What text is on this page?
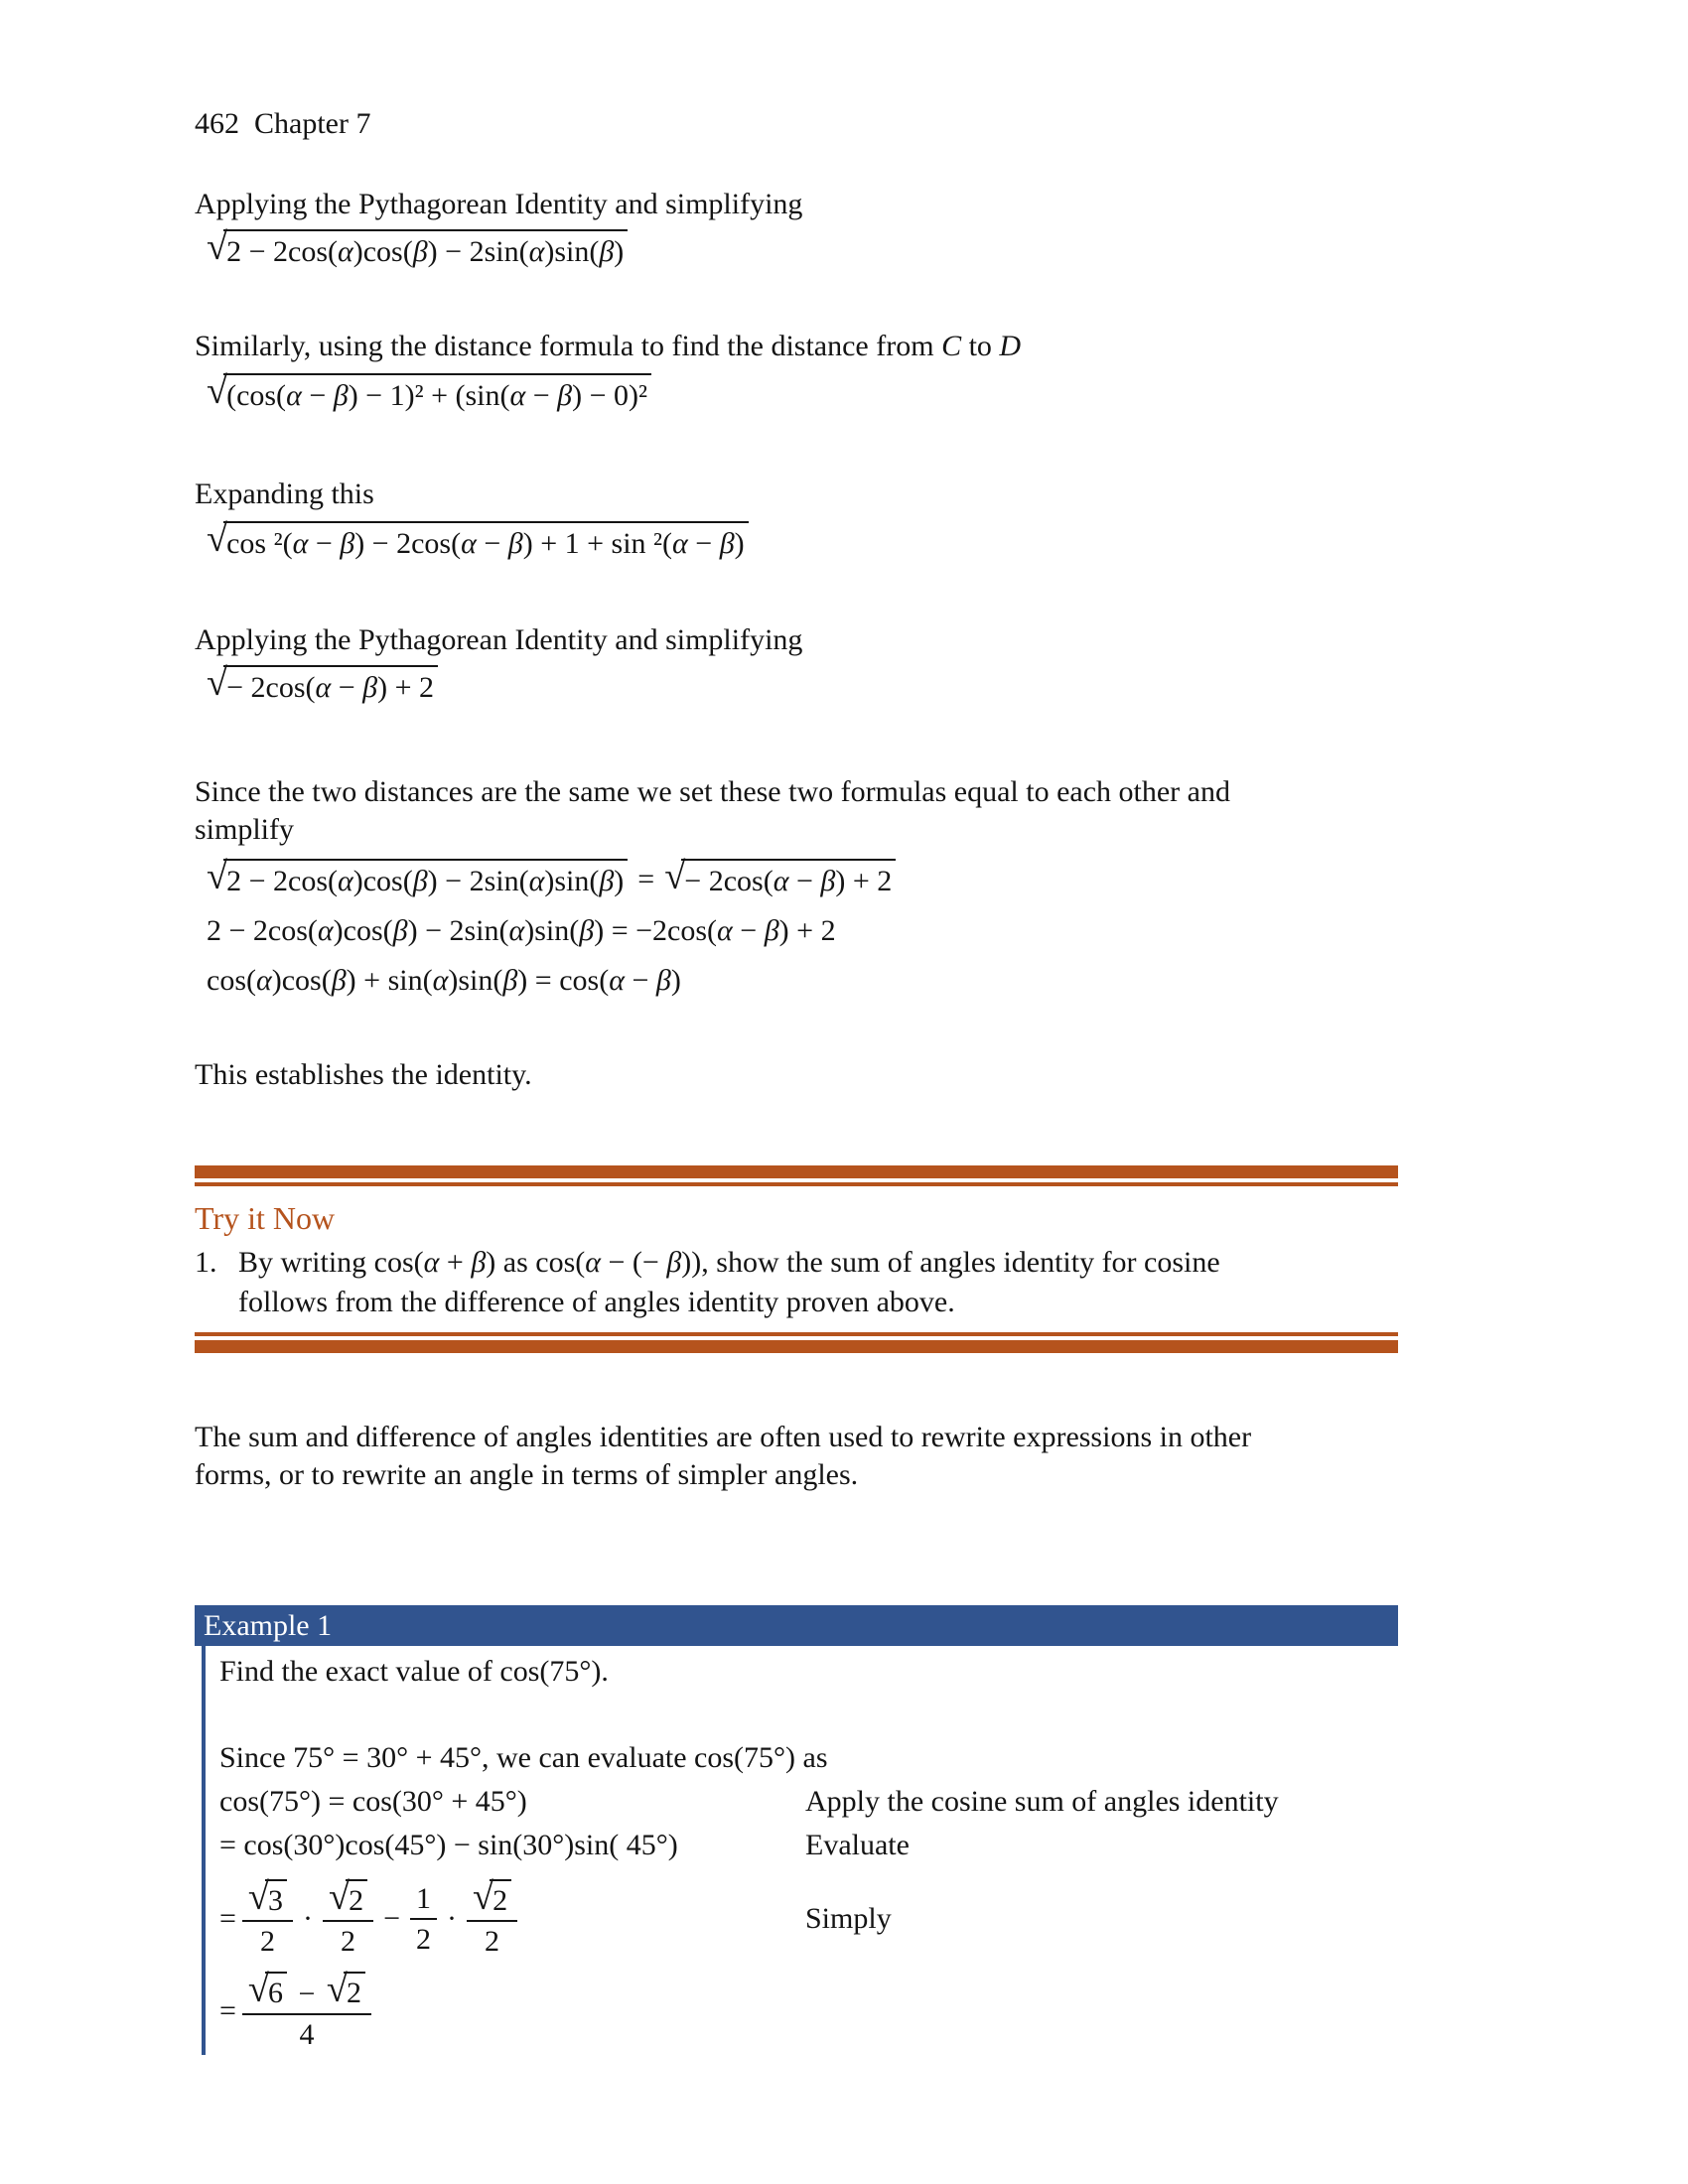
462  Chapter 7

Applying the Pythagorean Identity and simplifying

√ 2 − 2cos(α)cos(β) − 2sin(α)sin(β)

Similarly, using the distance formula to find the distance from C to D

√ (cos(α − β) − 1)² + (sin(α − β) − 0)²

Expanding this

√ cos ²(α − β) − 2cos(α − β) + 1 + sin ²(α − β)

Applying the Pythagorean Identity and simplifying

√ − 2cos(α − β) + 2

Since the two distances are the same we set these two formulas equal to each other and

simplify

√ 2 − 2cos(α)cos(β) − 2sin(α)sin(β) = √ − 2cos(α − β) + 2
2 − 2cos(α)cos(β) − 2sin(α)sin(β) = −2cos(α − β) + 2
cos(α)cos(β) + sin(α)sin(β) = cos(α − β)

This establishes the identity.

Try it Now
1. By writing cos(α + β) as cos(α − (− β)), show the sum of angles identity for cosine
follows from the difference of angles identity proven above.

The sum and difference of angles identities are often used to rewrite expressions in other

forms, or to rewrite an angle in terms of simpler angles.

Example 1

Find the exact value of cos(75°).

Since 75° = 30° + 45°, we can evaluate cos(75°) as

cos(75°) = cos(30° + 45°)	Apply the cosine sum of angles identity
= cos(30°)cos(45°) − sin(30°)sin( 45°)	Evaluate
= $\frac{√ 3}{2} \cdot \frac{√ 2}{2} - \frac{1}{2} \cdot \frac{√ 2}{2}$	Simply
= $\frac{√ 6 - √ 2}{4}$
